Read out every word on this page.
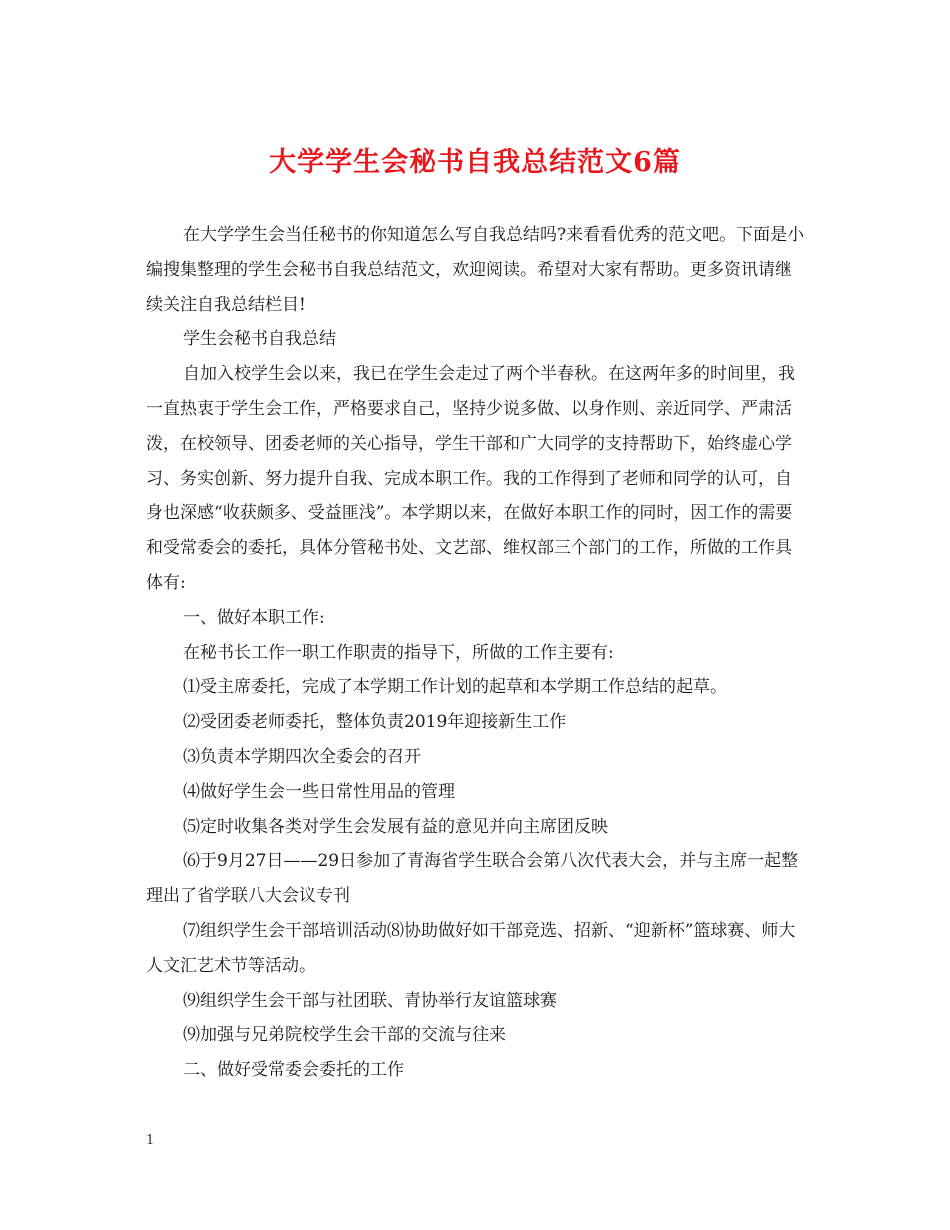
大学学生会秘书自我总结范文6篇

在大学学生会当任秘书的你知道怎么写自我总结吗?来看看优秀的范文吧。下面是小编搜集整理的学生会秘书自我总结范文，欢迎阅读。希望对大家有帮助。更多资讯请继续关注自我总结栏目!

学生会秘书自我总结

自加入校学生会以来，我已在学生会走过了两个半春秋。在这两年多的时间里，我一直热衷于学生会工作，严格要求自己，坚持少说多做、以身作则、亲近同学、严肃活泼，在校领导、团委老师的关心指导，学生干部和广大同学的支持帮助下，始终虚心学习、务实创新、努力提升自我、完成本职工作。我的工作得到了老师和同学的认可，自身也深感“收获颇多、受益匪浅”。本学期以来，在做好本职工作的同时，因工作的需要和受常委会的委托，具体分管秘书处、文艺部、维权部三个部门的工作，所做的工作具体有:

一、做好本职工作:

在秘书长工作一职工作职责的指导下，所做的工作主要有:

⑴受主席委托，完成了本学期工作计划的起草和本学期工作总结的起草。

⑵受团委老师委托，整体负责2019年迎接新生工作

⑶负责本学期四次全委会的召开

⑷做好学生会一些日常性用品的管理

⑸定时收集各类对学生会发展有益的意见并向主席团反映

⑹于9月27日——29日参加了青海省学生联合会第八次代表大会，并与主席一起整理出了省学联八大会议专刊

⑺组织学生会干部培训活动⑻协助做好如干部竞选、招新、“迎新杯”篮球赛、师大人文汇艺术节等活动。

⑼组织学生会干部与社团联、青协举行友谊篮球赛

⑼加强与兄弟院校学生会干部的交流与往来

二、做好受常委会委托的工作

1
